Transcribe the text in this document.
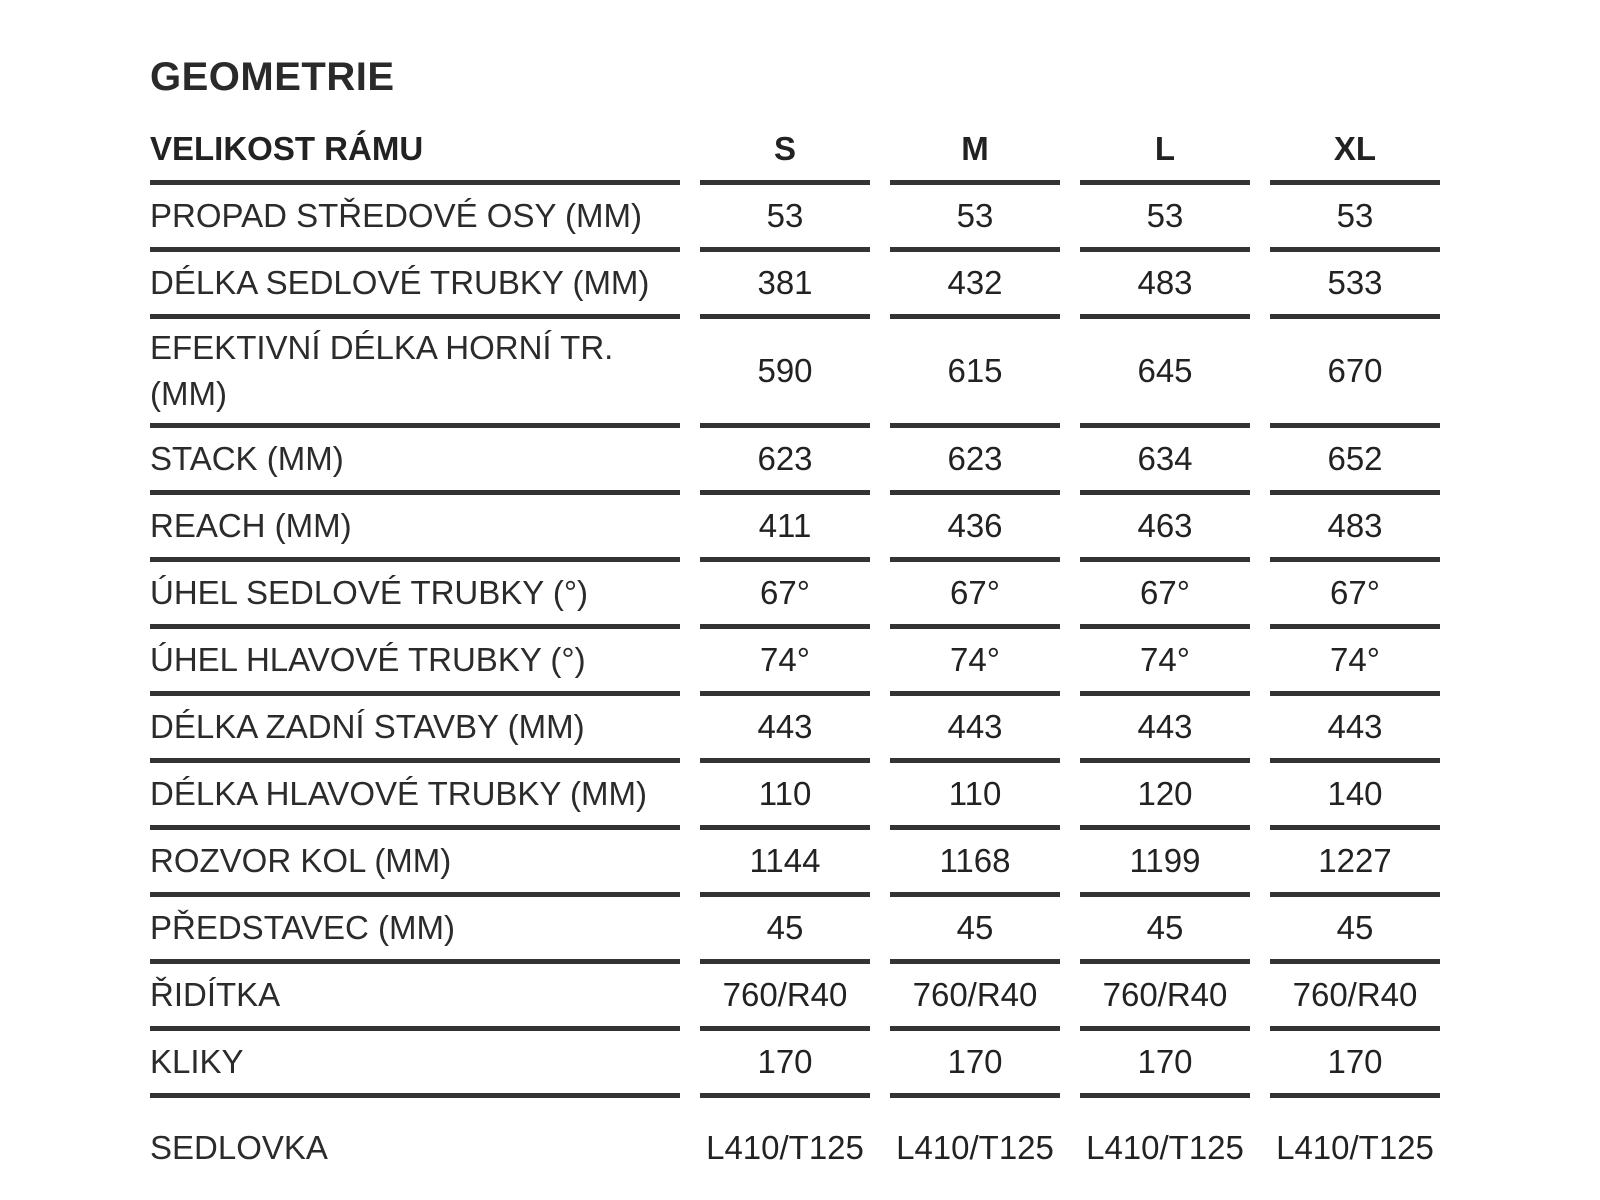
GEOMETRIE
VELIKOST RÁMU		S		M		L		XL
PROPAD STŘEDOVÉ OSY (MM)		53		53		53		53
DÉLKA SEDLOVÉ TRUBKY (MM)		381		432		483		533
EFEKTIVNÍ DÉLKA HORNÍ TR. (MM)		590		615		645		670
STACK (MM)		623		623		634		652
REACH (MM)		411		436		463		483
ÚHEL SEDLOVÉ TRUBKY (°)		67°		67°		67°		67°
ÚHEL HLAVOVÉ TRUBKY (°)		74°		74°		74°		74°
DÉLKA ZADNÍ STAVBY (MM)		443		443		443		443
DÉLKA HLAVOVÉ TRUBKY (MM)		110		110		120		140
ROZVOR KOL (MM)		1144		1168		1199		1227
PŘEDSTAVEC (MM)		45		45		45		45
ŘIDÍTKA		760/R40		760/R40		760/R40		760/R40
KLIKY		170		170		170		170
SEDLOVKA		L410/T125		L410/T125		L410/T125		L410/T125
